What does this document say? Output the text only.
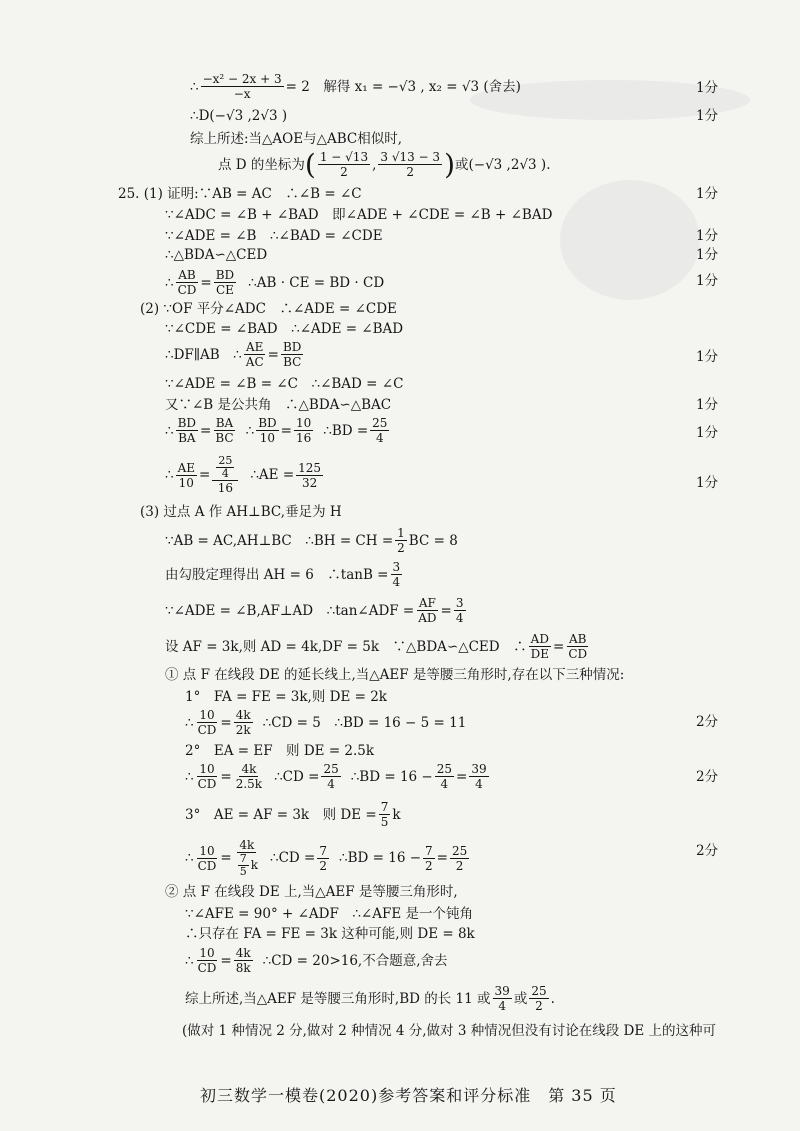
∴ $\frac{\text{−x² − 2x + 3}}{-x} = 2$　解得 x₁ = −√3 , x₂ = √3 (舍去)	1分
∴D(−√3 ,2√3 )	1分
综上所述:当△AOE与△ABC相似时,
点 D 的坐标为 ( $\frac{1 - √13}{2}$ , $\frac{3 √13 - 3}{2}$ ) 或(−√3 ,2√3 ).
25. (1) 证明:∵AB = AC　∴∠B = ∠C	1分
∵∠ADC = ∠B + ∠BAD　即∠ADE + ∠CDE = ∠B + ∠BAD
∵∠ADE = ∠B　∴∠BAD = ∠CDE	1分
∴△BDA∽△CED	1分
∴ $\frac{AB}{CD} = \frac{BD}{CE}$ ∴AB · CE = BD · CD	1分
(2) ∵OF 平分∠ADC　∴∠ADE = ∠CDE
∵∠CDE = ∠BAD　∴∠ADE = ∠BAD
∴DF∥AB　∴ $\frac{AE}{AC} = \frac{BD}{BC}$	1分
∵∠ADE = ∠B = ∠C　∴∠BAD = ∠C
又∵∠B 是公共角　∴△BDA∽△BAC	1分
∴ $\frac{BD}{BA} = \frac{BA}{BC}$ ∴ $\frac{BD}{10} = \frac{10}{16}$ ∴BD = $\frac{25}{4}$	1分
∴ $\frac{AE}{10} = \frac{\frac{25}{4}}{16}$ ∴AE = $\frac{125}{32}$	1分
(3) 过点 A 作 AH⊥BC,垂足为 H
∵AB = AC,AH⊥BC　∴BH = CH = $\frac{1}{2}$ BC = 8
由勾股定理得出 AH = 6　∴tanB = $\frac{3}{4}$
∵∠ADE = ∠B,AF⊥AD　∴tan∠ADF = $\frac{AF}{AD} = \frac{3}{4}$
设 AF = 3k,则 AD = 4k,DF = 5k　∵△BDA∽△CED　∴ $\frac{AD}{DE} = \frac{AB}{CD}$
① 点 F 在线段 DE 的延长线上,当△AEF 是等腰三角形时,存在以下三种情况:
1°　FA = FE = 3k,则 DE = 2k
∴ $\frac{10}{CD} = \frac{4k}{2k}$ ∴CD = 5　∴BD = 16 − 5 = 11	2分
2°　EA = EF　则 DE = 2.5k
∴ $\frac{10}{CD} = \frac{4k}{2.5k}$ ∴CD = $\frac{25}{4}$ ∴BD = $16 - \frac{25}{4} = \frac{39}{4}$	2分
3°　AE = AF = 3k　则 DE = $\frac{7}{5}$ k
∴ $\frac{10}{CD} = \frac{4k}{\frac{7}{5} k}$ ∴CD = $\frac{7}{2}$ ∴BD = $16 - \frac{7}{2} = \frac{25}{2}$	2分
② 点 F 在线段 DE 上,当△AEF 是等腰三角形时,
∵∠AFE = 90° + ∠ADF　∴∠AFE 是一个钝角
∴只存在 FA = FE = 3k 这种可能,则 DE = 8k
∴ $\frac{10}{CD} = \frac{4k}{8k}$ ∴CD = 20>16,不合题意,舍去
综上所述,当△AEF 是等腰三角形时,BD 的长 11 或 $\frac{39}{4}$ 或 $\frac{25}{2}$ .
(做对 1 种情况 2 分,做对 2 种情况 4 分,做对 3 种情况但没有讨论在线段 DE 上的这种可
初三数学一模卷(2020)参考答案和评分标准　第 35 页
